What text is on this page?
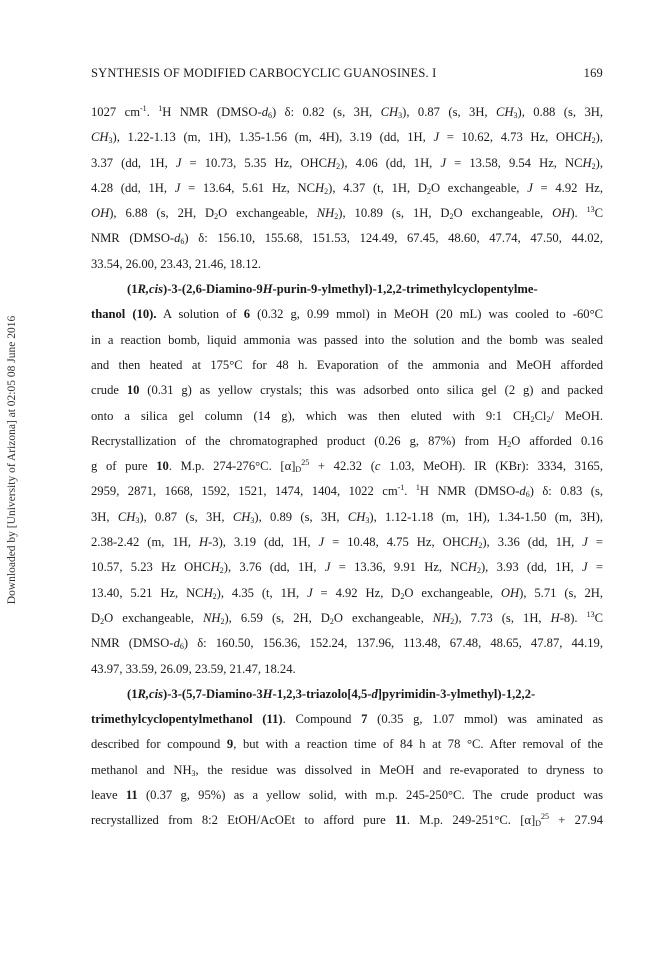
SYNTHESIS OF MODIFIED CARBOCYCLIC GUANOSINES. I	169
Downloaded by [University of Arizona] at 02:05 08 June 2016
1027 $cm^{-1}$. $^1$H NMR $(DMSO-d_6)$ δ: 0.82 (s, 3H, $CH_3$), 0.87 (s, 3H, $CH_3$), 0.88 (s, 3H,
$CH_3$), 1.22-1.13 (m, 1H), 1.35-1.56 (m, 4H), 3.19 (dd, 1H, J = 10.62, 4.73 Hz, $OHCH_2$),
3.37 (dd, 1H, J = 10.73, 5.35 Hz, $OHCH_2$), 4.06 (dd, 1H, J = 13.58, 9.54 Hz, $NCH_2$),
4.28 (dd, 1H, J = 13.64, 5.61 Hz, $NCH_2$), 4.37 (t, 1H, $D_2O$ exchangeable, J = 4.92 Hz,
OH), 6.88 (s, 2H, $D_2O$ exchangeable, $NH_2$), 10.89 (s, 1H, $D_2O$ exchangeable, OH). $^{13}$C
NMR $(DMSO-d_6)$ δ: 156.10, 155.68, 151.53, 124.49, 67.45, 48.60, 47.74, 47.50, 44.02,
33.54, 26.00, 23.43, 21.46, 18.12.
(1R,cis)-3-(2,6-Diamino-9H-purin-9-ylmethyl)-1,2,2-trimethylcyclopentylme-
thanol (10). A solution of 6 (0.32 g, 0.99 mmol) in MeOH (20 mL) was cooled to -60°C
in a reaction bomb, liquid ammonia was passed into the solution and the bomb was sealed
and then heated at 175°C for 48 h. Evaporation of the ammonia and MeOH afforded
crude 10 (0.31 g) as yellow crystals; this was adsorbed onto silica gel (2 g) and packed
onto a silica gel column (14 g), which was then eluted with 9:1 $CH_2Cl_2/$ MeOH.
Recrystallization of the chromatographed product (0.26 g, 87%) from $H_2O$ afforded 0.16
g of pure 10. M.p. 274-276°C. $[\alpha]_D^{25} + 42.32$ (c 1.03, MeOH). IR (KBr): 3334, 3165,
2959, 2871, 1668, 1592, 1521, 1474, 1404, 1022 $cm^{-1}$. $^1$H NMR $(DMSO-d_6)$ δ: 0.83 (s,
3H, $CH_3$), 0.87 (s, 3H, $CH_3$), 0.89 (s, 3H, $CH_3$), 1.12-1.18 (m, 1H), 1.34-1.50 (m, 3H),
2.38-2.42 (m, 1H, H-3), 3.19 (dd, 1H, J = 10.48, 4.75 Hz, $OHCH_2$), 3.36 (dd, 1H, J =
10.57, 5.23 Hz $OHCH_2$), 3.76 (dd, 1H, J = 13.36, 9.91 Hz, $NCH_2$), 3.93 (dd, 1H, J =
13.40, 5.21 Hz, $NCH_2$), 4.35 (t, 1H, J = 4.92 Hz, $D_2O$ exchangeable, OH), 5.71 (s, 2H,
$D_2O$ exchangeable, $NH_2$), 6.59 (s, 2H, $D_2O$ exchangeable, $NH_2$), 7.73 (s, 1H, H-8). $^{13}$C
NMR $(DMSO-d_6)$ δ: 160.50, 156.36, 152.24, 137.96, 113.48, 67.48, 48.65, 47.87, 44.19,
43.97, 33.59, 26.09, 23.59, 21.47, 18.24.
(1R,cis)-3-(5,7-Diamino-3H-1,2,3-triazolo[4,5-d]pyrimidin-3-ylmethyl)-1,2,2-
trimethylcyclopentylmethanol (11). Compound 7 (0.35 g, 1.07 mmol) was aminated as
described for compound 9, but with a reaction time of 84 h at 78 °C. After removal of the
methanol and $NH_3$, the residue was dissolved in MeOH and re-evaporated to dryness to
leave 11 (0.37 g, 95%) as a yellow solid, with m.p. 245-250°C. The crude product was
recrystallized from 8:2 EtOH/AcOEt to afford pure 11. M.p. 249-251°C. $[\alpha]_D^{25} + 27.94$
